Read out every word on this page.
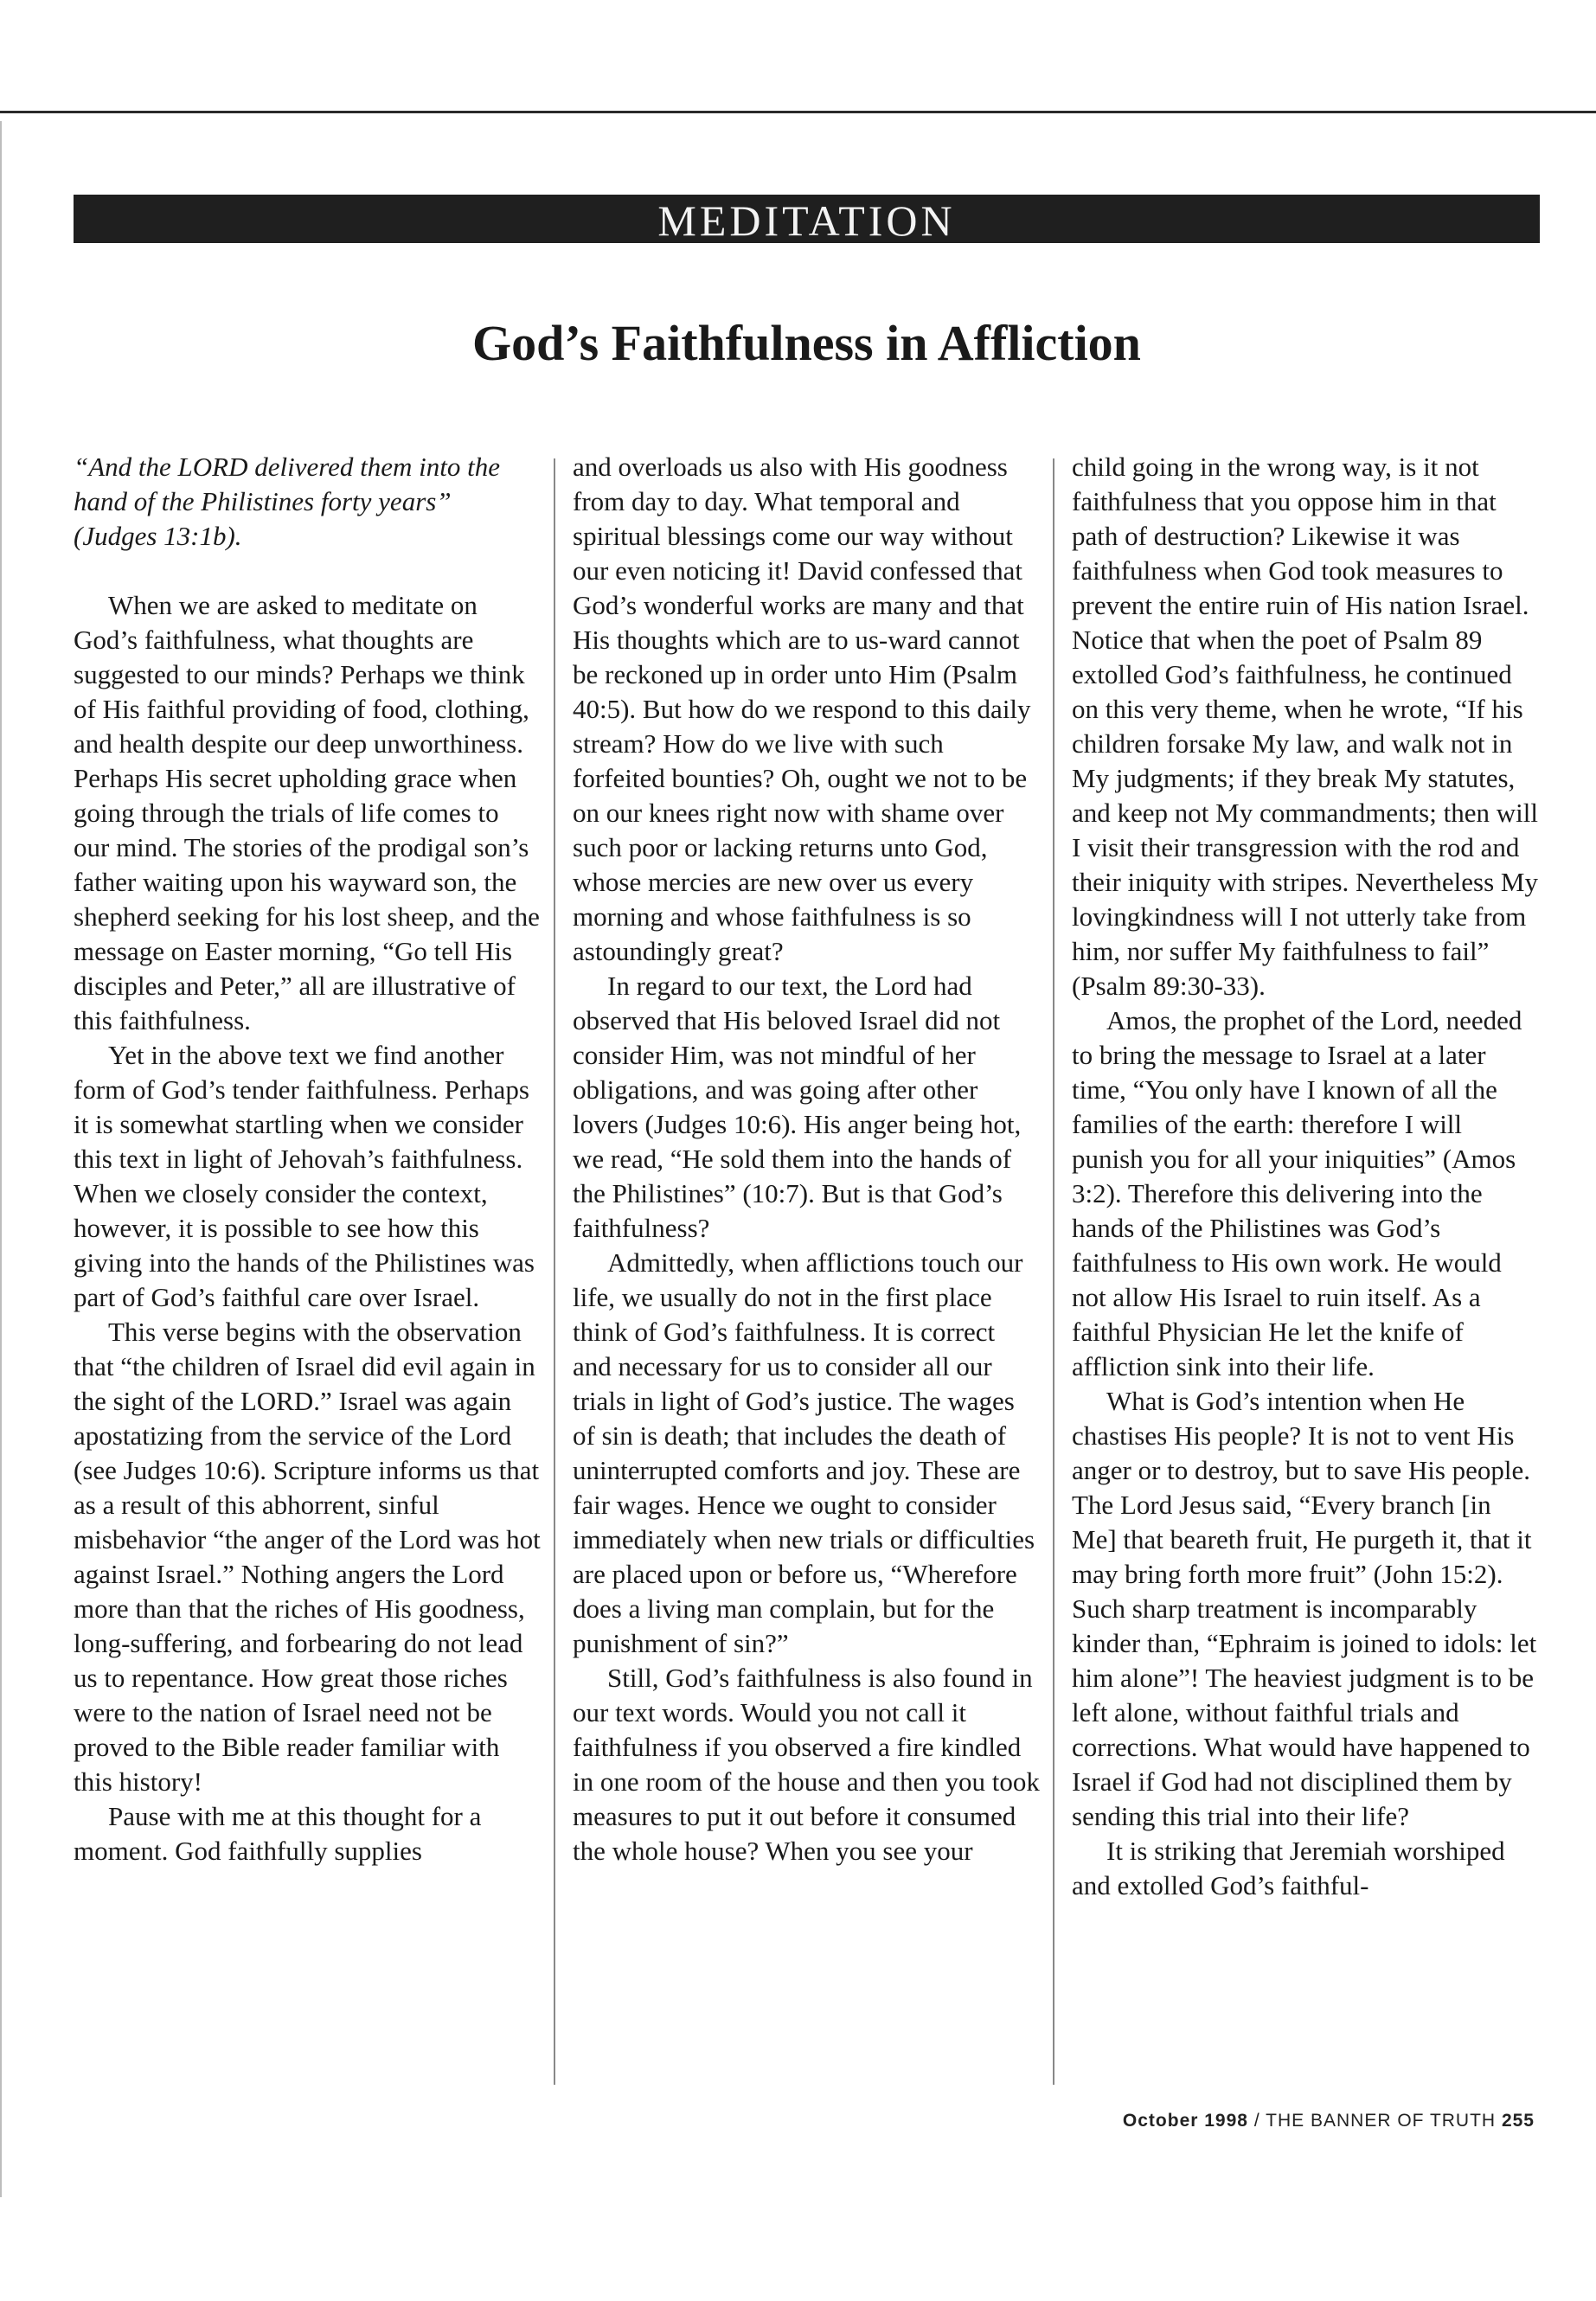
MEDITATION
God’s Faithfulness in Affliction

“And the LORD delivered them into the hand of the Philistines forty years” (Judges 13:1b).

When we are asked to meditate on God’s faithfulness, what thoughts are suggested to our minds? Perhaps we think of His faithful providing of food, clothing, and health despite our deep unworthiness. Perhaps His secret upholding grace when going through the trials of life comes to our mind. The stories of the prodigal son’s father waiting upon his wayward son, the shepherd seeking for his lost sheep, and the message on Easter morning, “Go tell His disciples and Peter,” all are illustrative of this faithfulness.

Yet in the above text we find another form of God’s tender faithfulness. Perhaps it is somewhat startling when we consider this text in light of Jehovah’s faithfulness. When we closely consider the context, however, it is possible to see how this giving into the hands of the Philistines was part of God’s faithful care over Israel.

This verse begins with the observation that “the children of Israel did evil again in the sight of the LORD.” Israel was again apostatizing from the service of the Lord (see Judges 10:6). Scripture informs us that as a result of this abhorrent, sinful misbehavior “the anger of the Lord was hot against Israel.” Nothing angers the Lord more than that the riches of His goodness, long-suffering, and forbearing do not lead us to repentance. How great those riches were to the nation of Israel need not be proved to the Bible reader familiar with this history!

Pause with me at this thought for a moment. God faithfully supplies

and overloads us also with His goodness from day to day. What temporal and spiritual blessings come our way without our even noticing it! David confessed that God’s wonderful works are many and that His thoughts which are to us-ward cannot be reckoned up in order unto Him (Psalm 40:5). But how do we respond to this daily stream? How do we live with such forfeited bounties? Oh, ought we not to be on our knees right now with shame over such poor or lacking returns unto God, whose mercies are new over us every morning and whose faithfulness is so astoundingly great?

In regard to our text, the Lord had observed that His beloved Israel did not consider Him, was not mindful of her obligations, and was going after other lovers (Judges 10:6). His anger being hot, we read, “He sold them into the hands of the Philistines” (10:7). But is that God’s faithfulness?

Admittedly, when afflictions touch our life, we usually do not in the first place think of God’s faithfulness. It is correct and necessary for us to consider all our trials in light of God’s justice. The wages of sin is death; that includes the death of uninterrupted comforts and joy. These are fair wages. Hence we ought to consider immediately when new trials or difficulties are placed upon or before us, “Wherefore does a living man complain, but for the punishment of sin?”

Still, God’s faithfulness is also found in our text words. Would you not call it faithfulness if you observed a fire kindled in one room of the house and then you took measures to put it out before it consumed the whole house? When you see your

child going in the wrong way, is it not faithfulness that you oppose him in that path of destruction? Likewise it was faithfulness when God took measures to prevent the entire ruin of His nation Israel. Notice that when the poet of Psalm 89 extolled God’s faithfulness, he continued on this very theme, when he wrote, “If his children forsake My law, and walk not in My judgments; if they break My statutes, and keep not My commandments; then will I visit their transgression with the rod and their iniquity with stripes. Nevertheless My lovingkindness will I not utterly take from him, nor suffer My faithfulness to fail” (Psalm 89:30-33).

Amos, the prophet of the Lord, needed to bring the message to Israel at a later time, “You only have I known of all the families of the earth: therefore I will punish you for all your iniquities” (Amos 3:2). Therefore this delivering into the hands of the Philistines was God’s faithfulness to His own work. He would not allow His Israel to ruin itself. As a faithful Physician He let the knife of affliction sink into their life.

What is God’s intention when He chastises His people? It is not to vent His anger or to destroy, but to save His people. The Lord Jesus said, “Every branch [in Me] that beareth fruit, He purgeth it, that it may bring forth more fruit” (John 15:2). Such sharp treatment is incomparably kinder than, “Ephraim is joined to idols: let him alone”! The heaviest judgment is to be left alone, without faithful trials and corrections. What would have happened to Israel if God had not disciplined them by sending this trial into their life?

It is striking that Jeremiah worshiped and extolled God’s faithful-

October 1998 / THE BANNER OF TRUTH 255
